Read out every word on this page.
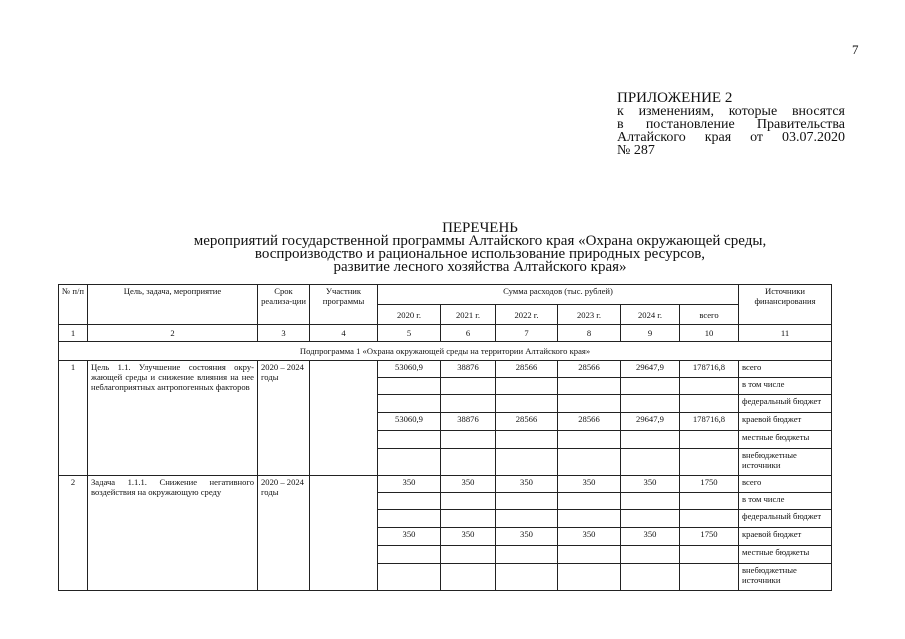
7
ПРИЛОЖЕНИЕ 2
к изменениям, которые вносятся
в постановление Правительства
Алтайского края от 03.07.2020
№ 287
ПЕРЕЧЕНЬ
мероприятий государственной программы Алтайского края «Охрана окружающей среды,
воспроизводство и рациональное использование природных ресурсов,
развитие лесного хозяйства Алтайского края»
№ п/п	Цель, задача, мероприятие	Срок реализа-ции	Участник программы	Сумма расходов (тыс. рублей)						Источники финансирования
				2020 г.	2021 г.	2022 г.	2023 г.	2024 г.	всего	
1	2	3	4	5	6	7	8	9	10	11
Подпрограмма 1 «Охрана окружающей среды на территории Алтайского края»										
1	Цель 1.1. Улучшение состояния окру-жающей среды и снижение влияния на нее неблагоприятных антропогенных факторов	2020 – 2024 годы		53060,9	38876	28566	28566	29647,9	178716,8	всего
										в том числе
										федеральный бюджет
				53060,9	38876	28566	28566	29647,9	178716,8	краевой бюджет
										местные бюджеты
										внебюджетные источники
2	Задача 1.1.1. Снижение негативного воздействия на окружающую среду	2020 – 2024 годы		350	350	350	350	350	1750	всего
										в том числе
										федеральный бюджет
				350	350	350	350	350	1750	краевой бюджет
										местные бюджеты
										внебюджетные источники
